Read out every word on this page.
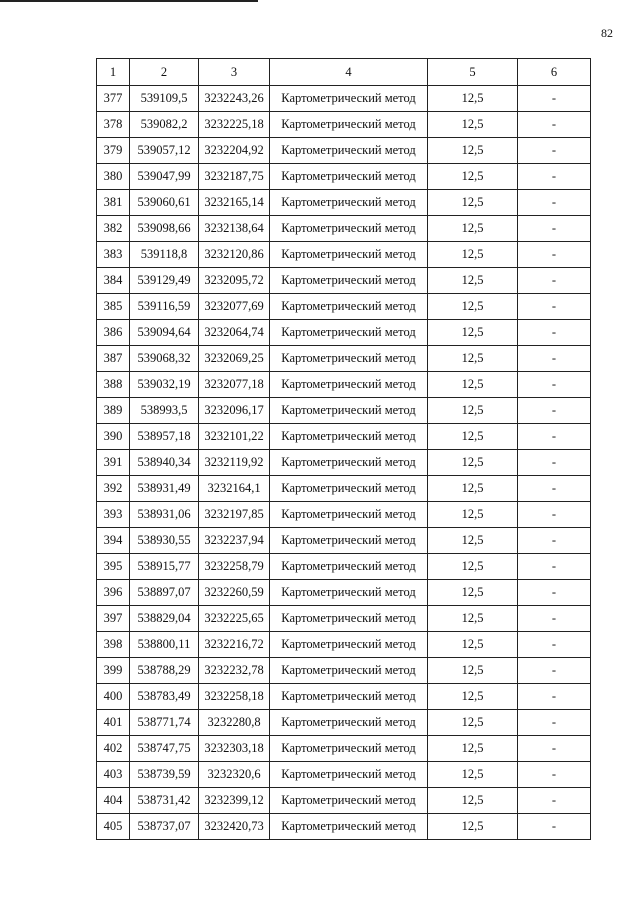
82
1	2	3	4	5	6
377	539109,5	3232243,26	Картометрический метод	12,5	-
378	539082,2	3232225,18	Картометрический метод	12,5	-
379	539057,12	3232204,92	Картометрический метод	12,5	-
380	539047,99	3232187,75	Картометрический метод	12,5	-
381	539060,61	3232165,14	Картометрический метод	12,5	-
382	539098,66	3232138,64	Картометрический метод	12,5	-
383	539118,8	3232120,86	Картометрический метод	12,5	-
384	539129,49	3232095,72	Картометрический метод	12,5	-
385	539116,59	3232077,69	Картометрический метод	12,5	-
386	539094,64	3232064,74	Картометрический метод	12,5	-
387	539068,32	3232069,25	Картометрический метод	12,5	-
388	539032,19	3232077,18	Картометрический метод	12,5	-
389	538993,5	3232096,17	Картометрический метод	12,5	-
390	538957,18	3232101,22	Картометрический метод	12,5	-
391	538940,34	3232119,92	Картометрический метод	12,5	-
392	538931,49	3232164,1	Картометрический метод	12,5	-
393	538931,06	3232197,85	Картометрический метод	12,5	-
394	538930,55	3232237,94	Картометрический метод	12,5	-
395	538915,77	3232258,79	Картометрический метод	12,5	-
396	538897,07	3232260,59	Картометрический метод	12,5	-
397	538829,04	3232225,65	Картометрический метод	12,5	-
398	538800,11	3232216,72	Картометрический метод	12,5	-
399	538788,29	3232232,78	Картометрический метод	12,5	-
400	538783,49	3232258,18	Картометрический метод	12,5	-
401	538771,74	3232280,8	Картометрический метод	12,5	-
402	538747,75	3232303,18	Картометрический метод	12,5	-
403	538739,59	3232320,6	Картометрический метод	12,5	-
404	538731,42	3232399,12	Картометрический метод	12,5	-
405	538737,07	3232420,73	Картометрический метод	12,5	-
